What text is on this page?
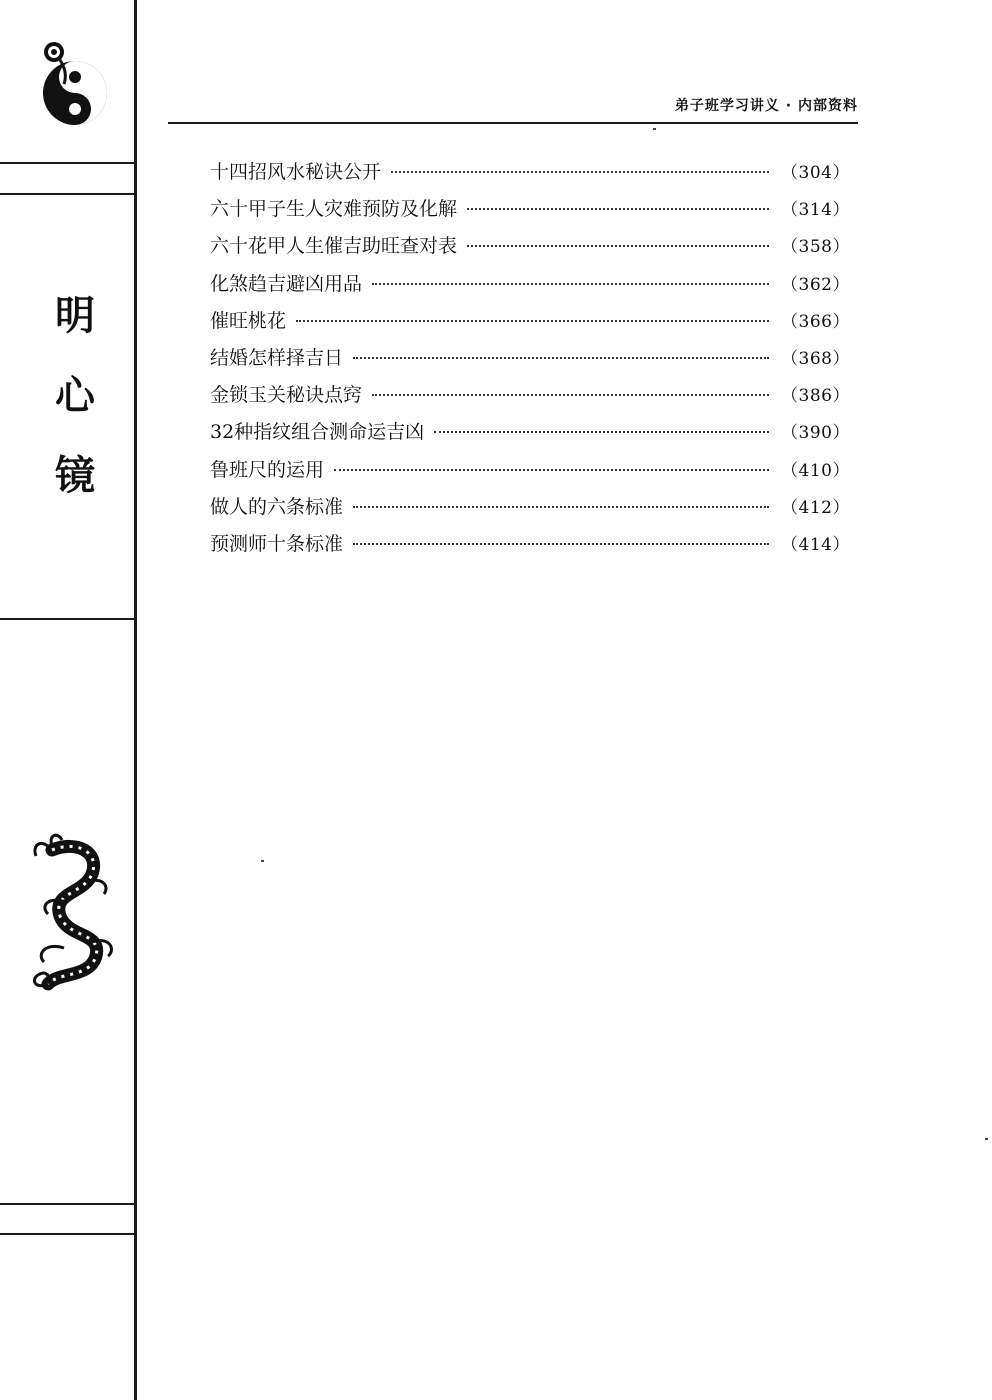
明
心
镜
弟子班学习讲义 · 内部资料
十四招风水秘诀公开	（304）
六十甲子生人灾难预防及化解	（314）
六十花甲人生催吉助旺查对表	（358）
化煞趋吉避凶用品	（362）
催旺桃花	（366）
结婚怎样择吉日	（368）
金锁玉关秘诀点窍	（386）
32种指纹组合测命运吉凶	（390）
鲁班尺的运用	（410）
做人的六条标准	（412）
预测师十条标准	（414）
